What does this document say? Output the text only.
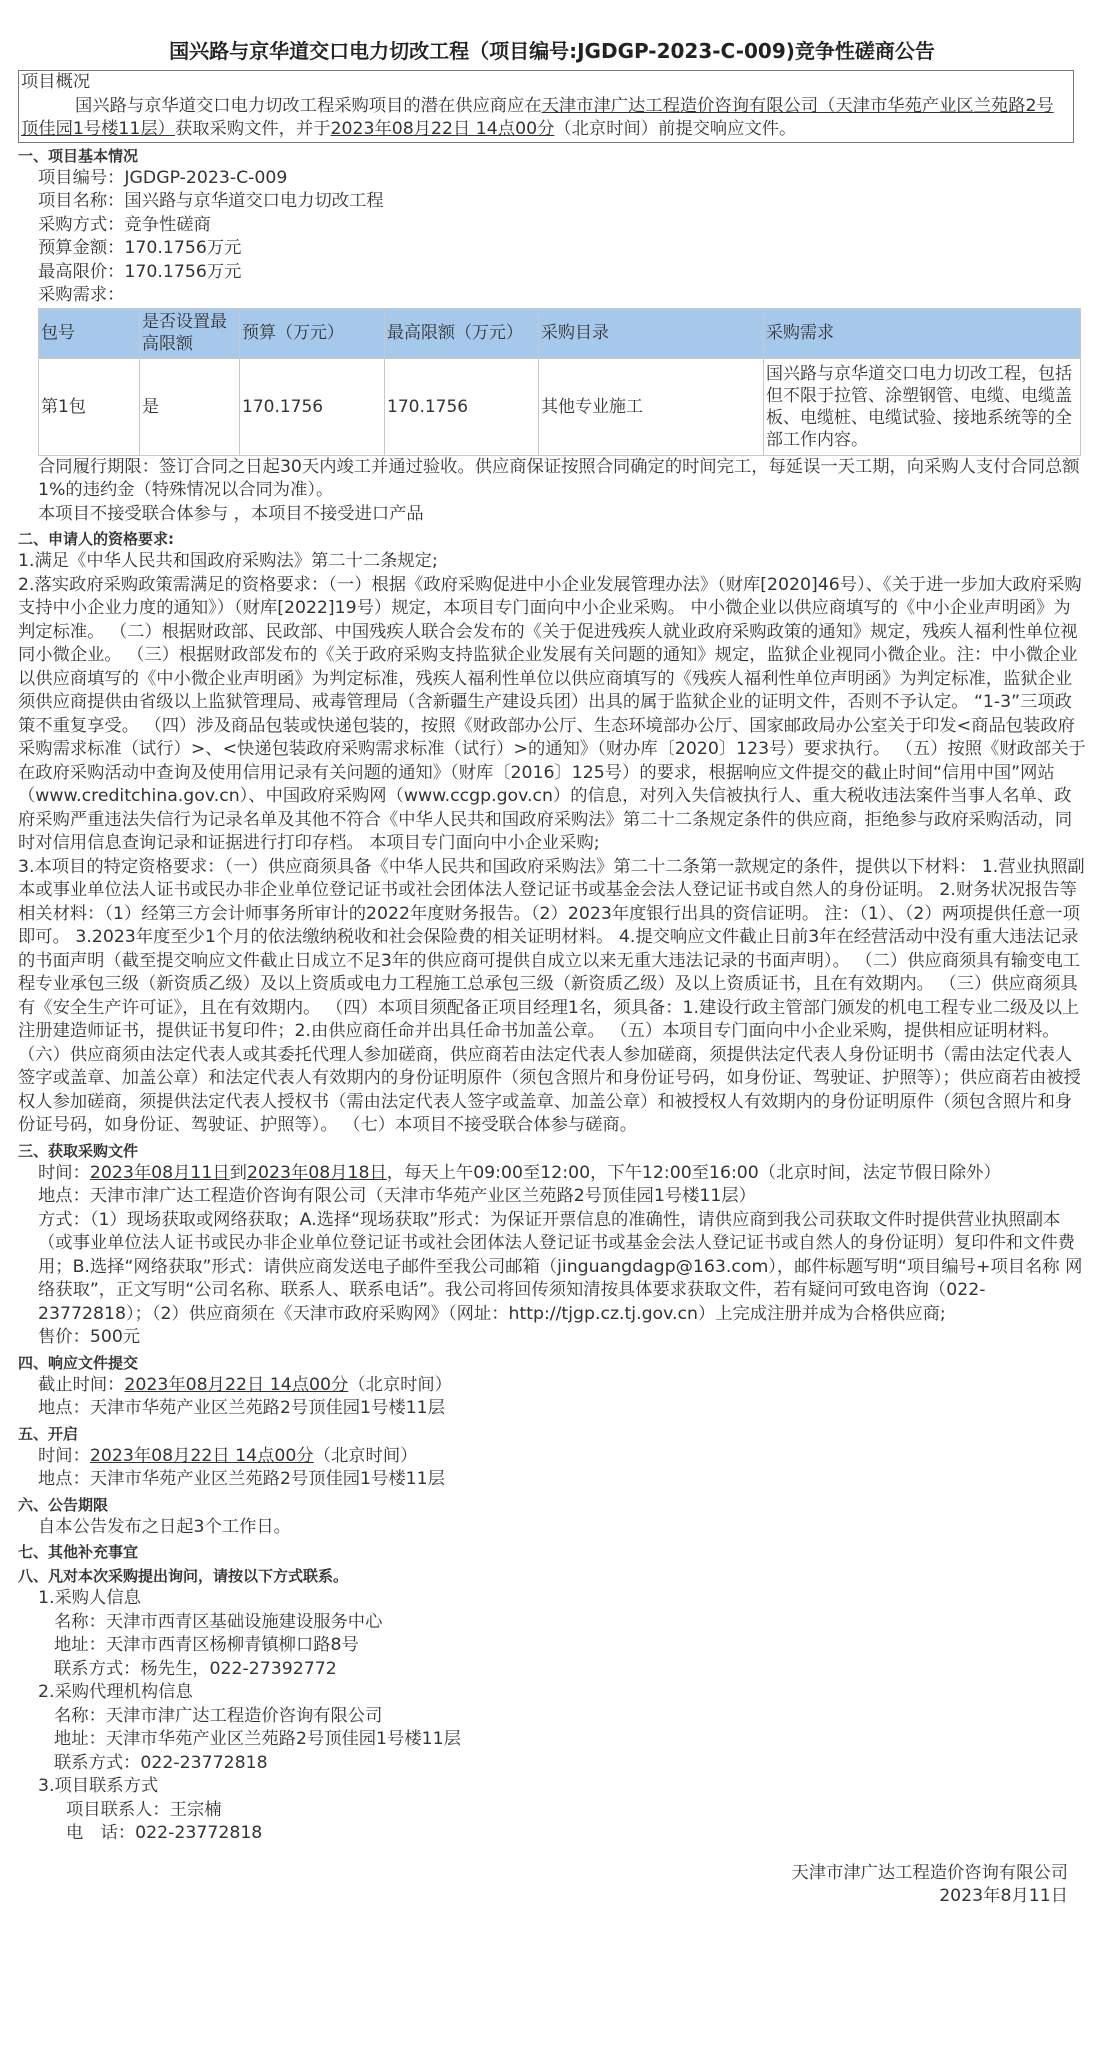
国兴路与京华道交口电力切改工程（项目编号:JGDGP-2023-C-009)竞争性磋商公告
项目概况
国兴路与京华道交口电力切改工程采购项目的潜在供应商应在天津市津广达工程造价咨询有限公司（天津市华苑产业区兰苑路2号顶佳园1号楼11层）获取采购文件，并于2023年08月22日 14点00分（北京时间）前提交响应文件。
一、项目基本情况
项目编号：JGDGP-2023-C-009
项目名称：国兴路与京华道交口电力切改工程
采购方式：竞争性磋商
预算金额：170.1756万元
最高限价：170.1756万元
采购需求：
包号	是否设置最高限额	预算（万元）	最高限额（万元）	采购目录	采购需求
第1包	是	170.1756	170.1756	其他专业施工	国兴路与京华道交口电力切改工程，包括但不限于拉管、涂塑钢管、电缆、电缆盖板、电缆桩、电缆试验、接地系统等的全部工作内容。
合同履行期限：签订合同之日起30天内竣工并通过验收。供应商保证按照合同确定的时间完工，每延误一天工期，向采购人支付合同总额1%的违约金（特殊情况以合同为准）。
本项目不接受联合体参与 ，本项目不接受进口产品
二、申请人的资格要求:
1.满足《中华人民共和国政府采购法》第二十二条规定;
2.落实政府采购政策需满足的资格要求：（一）根据《政府采购促进中小企业发展管理办法》（财库[2020]46号）、《关于进一步加大政府采购支持中小企业力度的通知》）（财库[2022]19号）规定，本项目专门面向中小企业采购。 中小微企业以供应商填写的《中小企业声明函》为判定标准。 （二）根据财政部、民政部、中国残疾人联合会发布的《关于促进残疾人就业政府采购政策的通知》规定，残疾人福利性单位视同小微企业。 （三）根据财政部发布的《关于政府采购支持监狱企业发展有关问题的通知》规定，监狱企业视同小微企业。注：中小微企业以供应商填写的《中小微企业声明函》为判定标准，残疾人福利性单位以供应商填写的《残疾人福利性单位声明函》为判定标准，监狱企业须供应商提供由省级以上监狱管理局、戒毒管理局（含新疆生产建设兵团）出具的属于监狱企业的证明文件，否则不予认定。 “1-3”三项政策不重复享受。 （四）涉及商品包装或快递包装的，按照《财政部办公厅、生态环境部办公厅、国家邮政局办公室关于印发<商品包装政府采购需求标准（试行）>、<快递包装政府采购需求标准（试行）>的通知》（财办库〔2020〕123号）要求执行。 （五）按照《财政部关于在政府采购活动中查询及使用信用记录有关问题的通知》（财库〔2016〕125号）的要求，根据响应文件提交的截止时间“信用中国”网站（www.creditchina.gov.cn）、中国政府采购网（www.ccgp.gov.cn）的信息，对列入失信被执行人、重大税收违法案件当事人名单、政府采购严重违法失信行为记录名单及其他不符合《中华人民共和国政府采购法》第二十二条规定条件的供应商，拒绝参与政府采购活动，同时对信用信息查询记录和证据进行打印存档。 本项目专门面向中小企业采购;
3.本项目的特定资格要求：（一）供应商须具备《中华人民共和国政府采购法》第二十二条第一款规定的条件，提供以下材料： 1.营业执照副本或事业单位法人证书或民办非企业单位登记证书或社会团体法人登记证书或基金会法人登记证书或自然人的身份证明。 2.财务状况报告等相关材料：（1）经第三方会计师事务所审计的2022年度财务报告。（2）2023年度银行出具的资信证明。 注：（1）、（2）两项提供任意一项即可。 3.2023年度至少1个月的依法缴纳税收和社会保险费的相关证明材料。 4.提交响应文件截止日前3年在经营活动中没有重大违法记录的书面声明（截至提交响应文件截止日成立不足3年的供应商可提供自成立以来无重大违法记录的书面声明）。 （二）供应商须具有输变电工程专业承包三级（新资质乙级）及以上资质或电力工程施工总承包三级（新资质乙级）及以上资质证书，且在有效期内。 （三）供应商须具有《安全生产许可证》，且在有效期内。 （四）本项目须配备正项目经理1名，须具备：1.建设行政主管部门颁发的机电工程专业二级及以上注册建造师证书，提供证书复印件；2.由供应商任命并出具任命书加盖公章。 （五）本项目专门面向中小企业采购，提供相应证明材料。 （六）供应商须由法定代表人或其委托代理人参加磋商，供应商若由法定代表人参加磋商，须提供法定代表人身份证明书（需由法定代表人签字或盖章、加盖公章）和法定代表人有效期内的身份证明原件（须包含照片和身份证号码，如身份证、驾驶证、护照等）；供应商若由被授权人参加磋商，须提供法定代表人授权书（需由法定代表人签字或盖章、加盖公章）和被授权人有效期内的身份证明原件（须包含照片和身份证号码，如身份证、驾驶证、护照等）。 （七）本项目不接受联合体参与磋商。
三、获取采购文件
时间：2023年08月11日到2023年08月18日，每天上午09:00至12:00，下午12:00至16:00（北京时间，法定节假日除外）
地点：天津市津广达工程造价咨询有限公司（天津市华苑产业区兰苑路2号顶佳园1号楼11层）
方式：（1）现场获取或网络获取；A.选择“现场获取”形式：为保证开票信息的准确性，请供应商到我公司获取文件时提供营业执照副本（或事业单位法人证书或民办非企业单位登记证书或社会团体法人登记证书或基金会法人登记证书或自然人的身份证明）复印件和文件费用；B.选择“网络获取”形式：请供应商发送电子邮件至我公司邮箱（jinguangdagp@163.com），邮件标题写明“项目编号+项目名称 网络获取”，正文写明“公司名称、联系人、联系电话”。我公司将回传须知清按具体要求获取文件，若有疑问可致电咨询（022-23772818）；（2）供应商须在《天津市政府采购网》（网址：http://tjgp.cz.tj.gov.cn）上完成注册并成为合格供应商;
售价：500元
四、响应文件提交
截止时间：2023年08月22日 14点00分（北京时间）
地点：天津市华苑产业区兰苑路2号顶佳园1号楼11层
五、开启
时间：2023年08月22日 14点00分（北京时间）
地点：天津市华苑产业区兰苑路2号顶佳园1号楼11层
六、公告期限
自本公告发布之日起3个工作日。
七、其他补充事宜
八、凡对本次采购提出询问，请按以下方式联系。
1.采购人信息
名称：天津市西青区基础设施建设服务中心
地址：天津市西青区杨柳青镇柳口路8号
联系方式：杨先生，022-27392772
2.采购代理机构信息
名称：天津市津广达工程造价咨询有限公司
地址：天津市华苑产业区兰苑路2号顶佳园1号楼11层
联系方式：022-23772818
3.项目联系方式
项目联系人：王宗楠
电　话：022-23772818
天津市津广达工程造价咨询有限公司
2023年8月11日
